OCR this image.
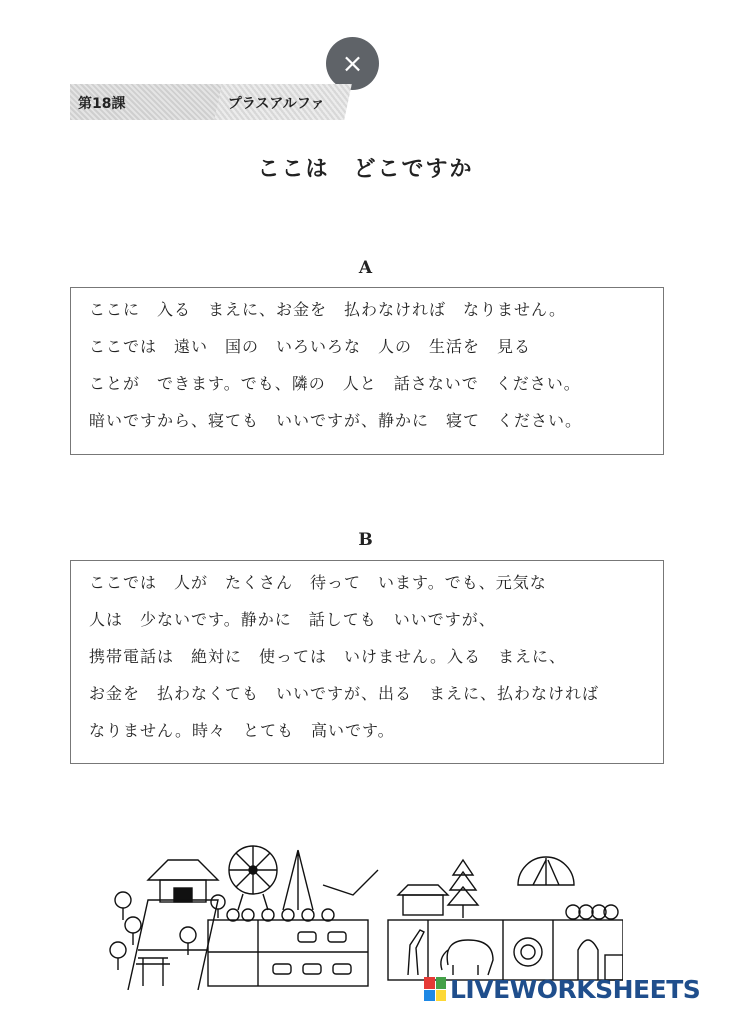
×
第18課	プラスアルファ
ここは　どこですか
A
ここに　入る　まえに、お金を　払わなければ　なりません。
ここでは　遠い　国の　いろいろな　人の　生活を　見る
ことが　できます。でも、隣の　人と　話さないで　ください。
暗いですから、寝ても　いいですが、静かに　寝て　ください。
B
ここでは　人が　たくさん　待って　います。でも、元気な
人は　少ないです。静かに　話しても　いいですが、
携帯電話は　絶対に　使っては　いけません。入る　まえに、
お金を　払わなくても　いいですが、出る　まえに、払わなければ
なりません。時々　とても　高いです。
LIVEWORKSHEETS
